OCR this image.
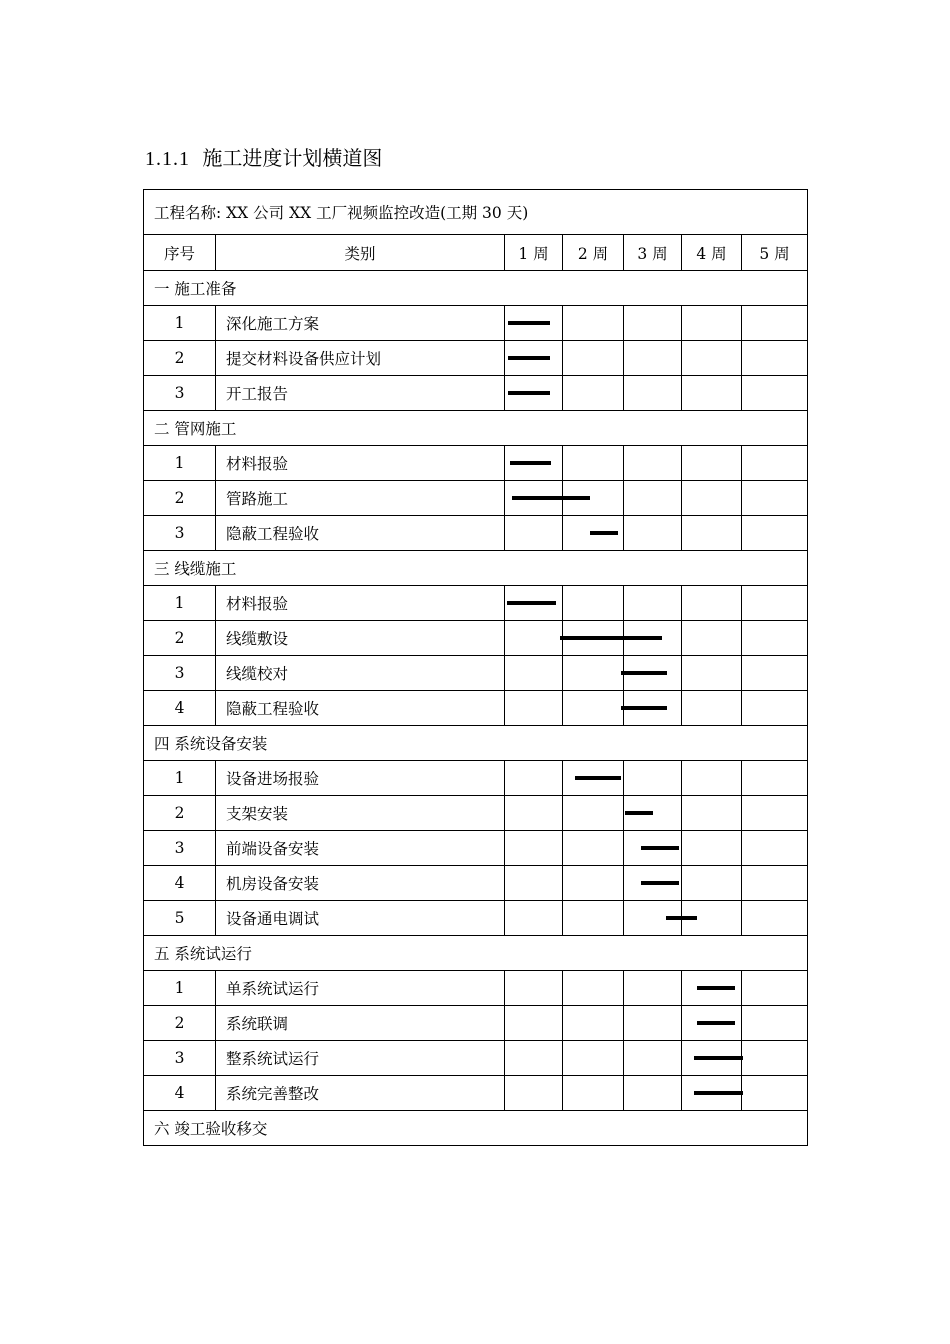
1.1.1 施工进度计划横道图
工程名称: XX 公司 XX 工厂视频监控改造(工期 30 天)						
序号	类别	1 周	2 周	3 周	4 周	5 周
一 施工准备						
1	深化施工方案	

2	提交材料设备供应计划	

3	开工报告	

二 管网施工						
1	材料报验	

2	管路施工	

3	隐蔽工程验收	

三 线缆施工						
1	材料报验	

2	线缆敷设	

3	线缆校对	

4	隐蔽工程验收	

四 系统设备安装						
1	设备进场报验	

2	支架安装	

3	前端设备安装	

4	机房设备安装	

5	设备通电调试	

五 系统试运行						
1	单系统试运行	

2	系统联调	

3	整系统试运行	

4	系统完善整改	

六 竣工验收移交						
